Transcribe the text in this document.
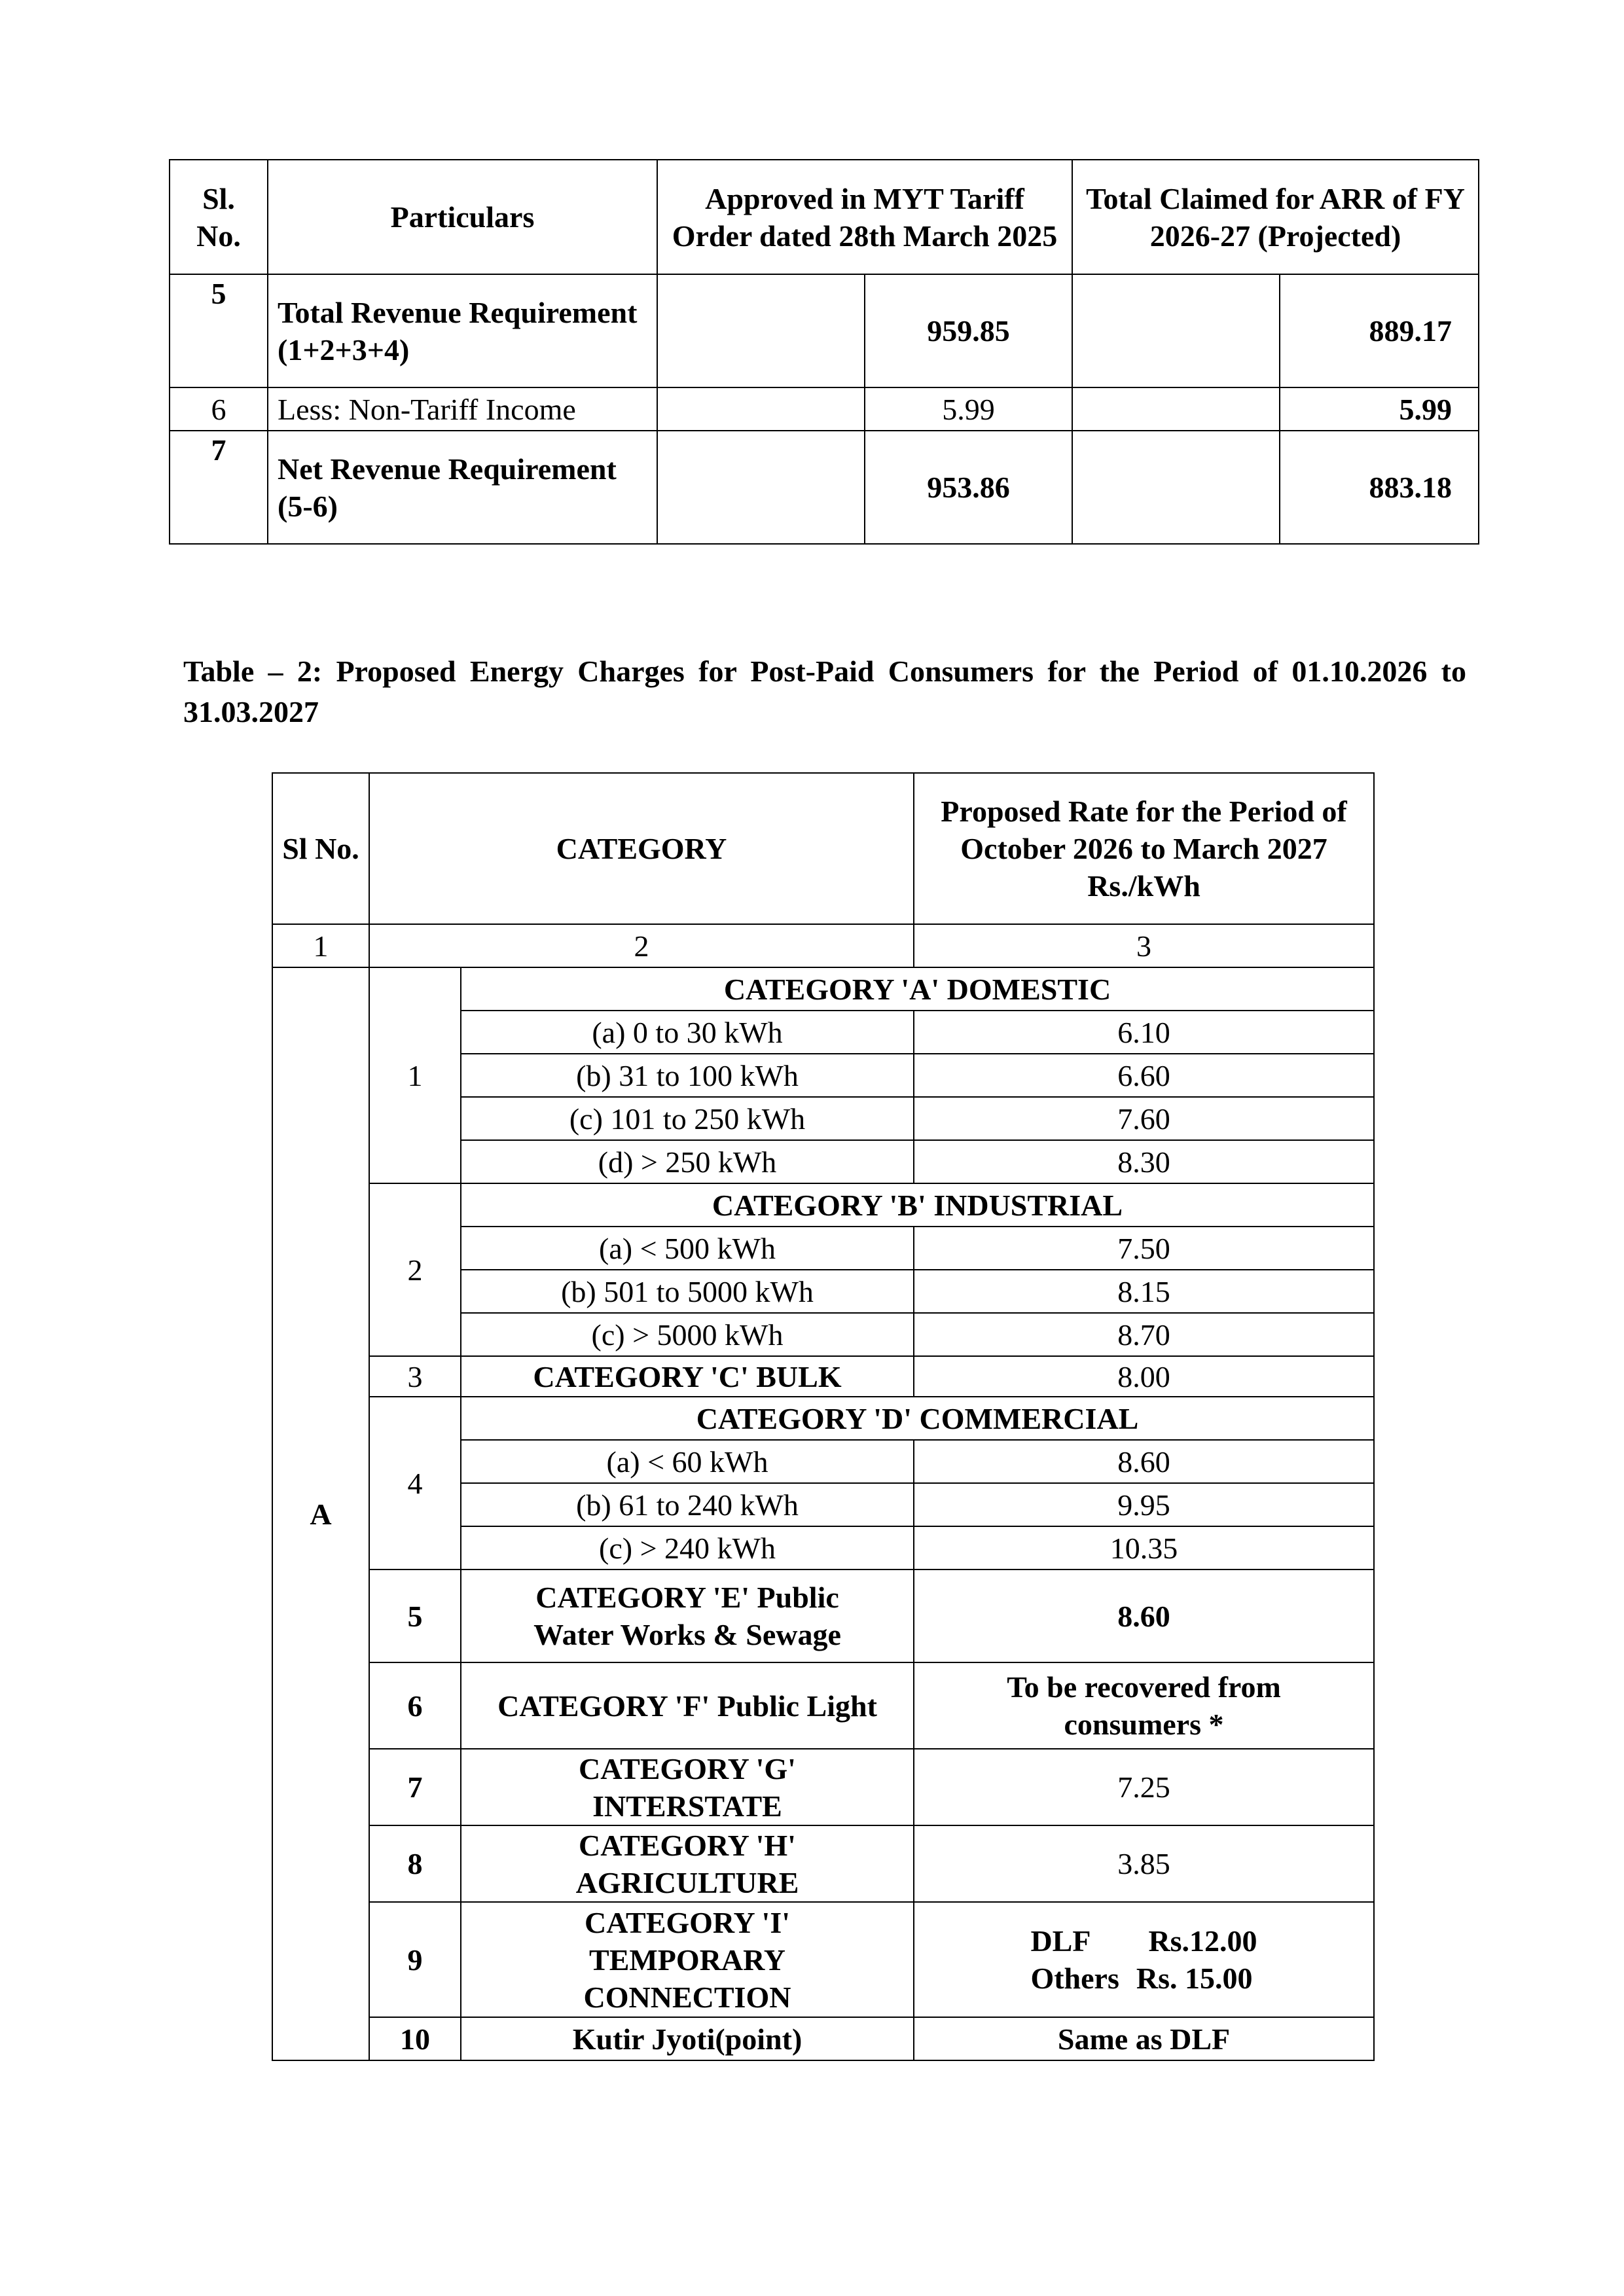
Sl. No.	Particulars	Approved in MYT Tariff Order dated 28th March 2025		Total Claimed for ARR of FY 2026-27 (Projected)	
5	Total Revenue Requirement (1+2+3+4)		959.85		889.17
6	Less: Non-Tariff Income		5.99		5.99
7	Net Revenue Requirement (5-6)		953.86		883.18

Table – 2: Proposed Energy Charges for Post-Paid Consumers for the Period of 01.10.2026 to 31.03.2027

Sl No.	CATEGORY		Proposed Rate for the Period of October 2026 to March 2027 Rs./kWh
1	2		3
A	1	CATEGORY 'A' DOMESTIC	
		(a) 0 to 30 kWh	6.10
		(b) 31 to 100 kWh	6.60
		(c) 101 to 250 kWh	7.60
		(d) > 250 kWh	8.30
	2	CATEGORY 'B' INDUSTRIAL	
		(a) < 500 kWh	7.50
		(b) 501 to 5000 kWh	8.15
		(c) > 5000 kWh	8.70
	3	CATEGORY 'C' BULK	8.00
	4	CATEGORY 'D' COMMERCIAL	
		(a) < 60 kWh	8.60
		(b) 61 to 240 kWh	9.95
		(c) > 240 kWh	10.35
	5	CATEGORY 'E' Public
Water Works & Sewage	8.60
	6	CATEGORY 'F' Public Light	To be recovered from
consumers *
	7	CATEGORY 'G'
INTERSTATE	7.25
	8	CATEGORY 'H'
AGRICULTURE	3.85
	9	CATEGORY 'I'
TEMPORARY
CONNECTION	DLF Rs.12.00
Others Rs. 15.00
	10	Kutir Jyoti(point)	Same as DLF
